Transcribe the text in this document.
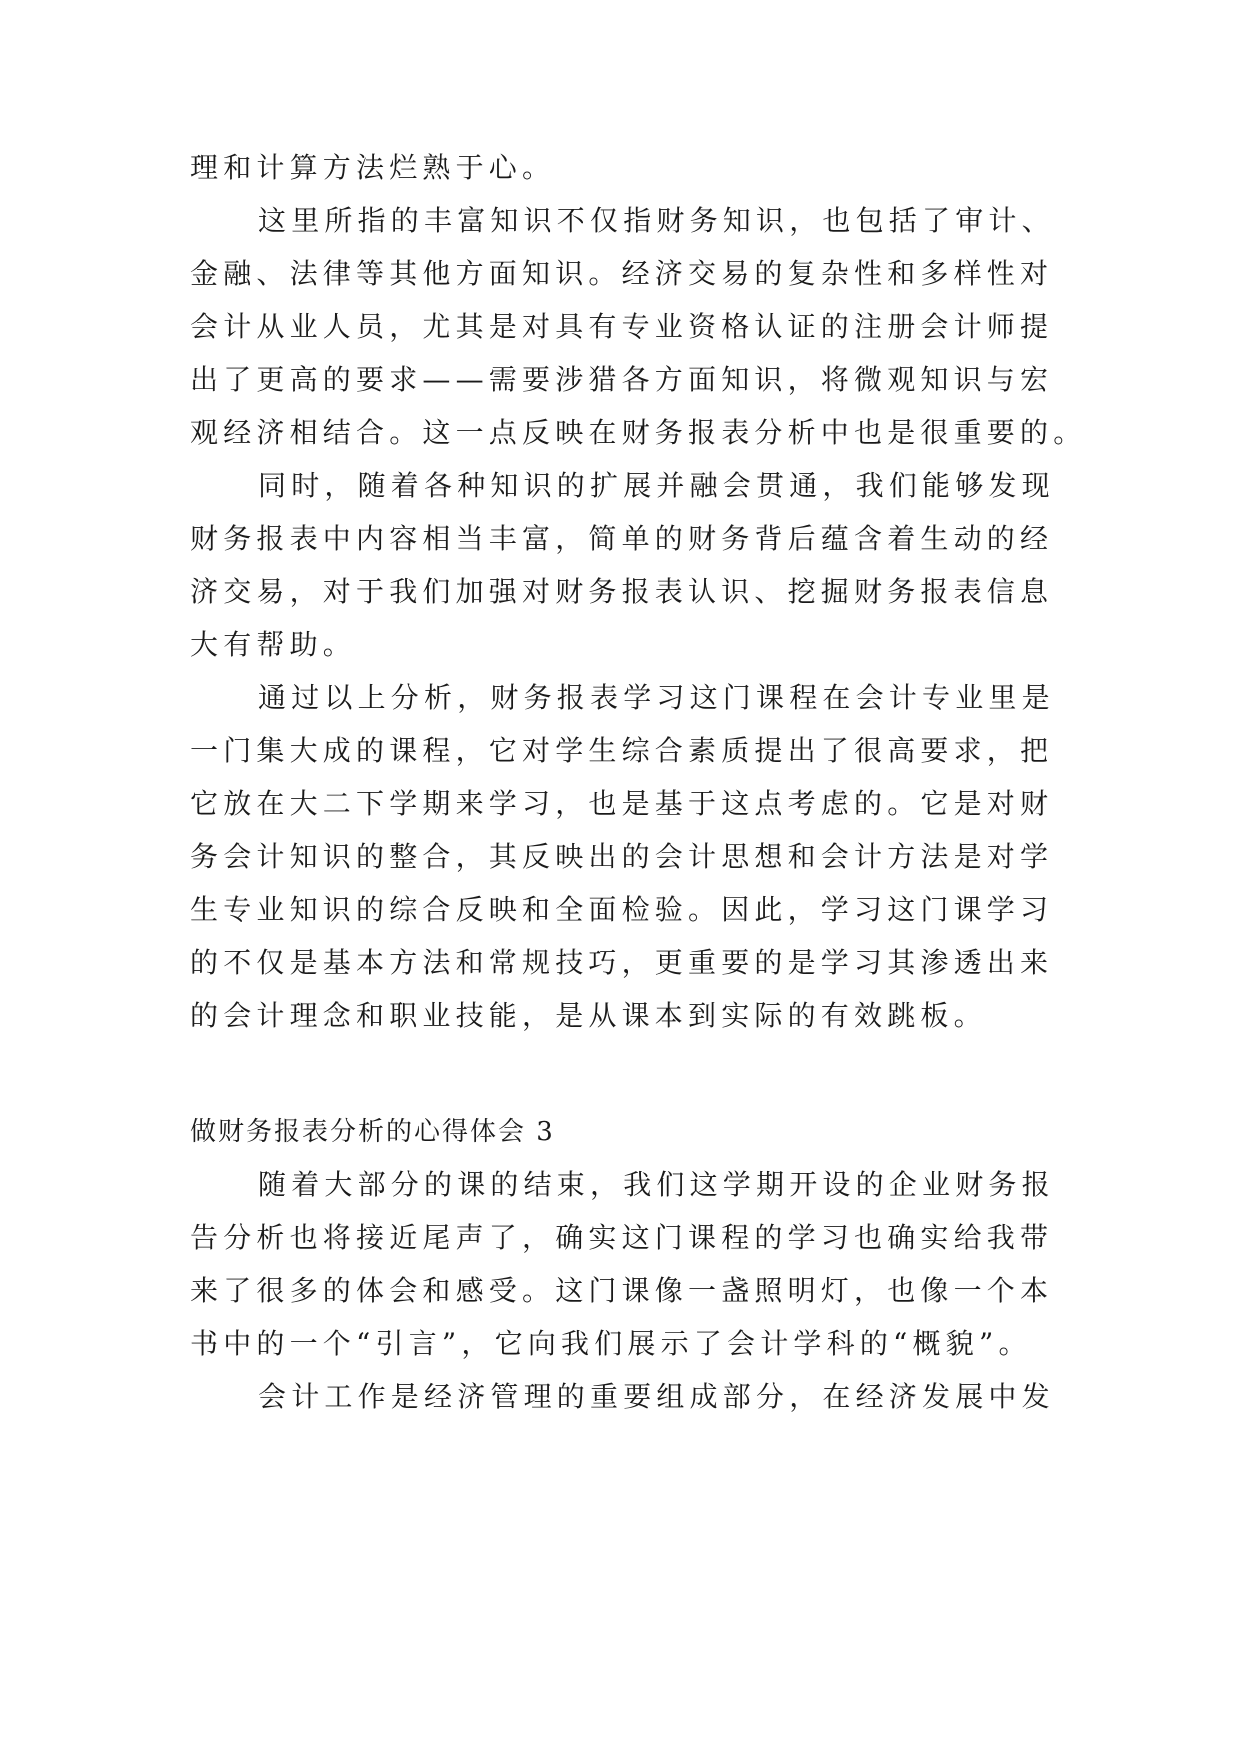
理和计算方法烂熟于心。
这里所指的丰富知识不仅指财务知识，也包括了审计、
金融、法律等其他方面知识。经济交易的复杂性和多样性对
会计从业人员，尤其是对具有专业资格认证的注册会计师提
出了更高的要求——需要涉猎各方面知识，将微观知识与宏
观经济相结合。这一点反映在财务报表分析中也是很重要的。
同时，随着各种知识的扩展并融会贯通，我们能够发现
财务报表中内容相当丰富，简单的财务背后蕴含着生动的经
济交易，对于我们加强对财务报表认识、挖掘财务报表信息
大有帮助。
通过以上分析，财务报表学习这门课程在会计专业里是
一门集大成的课程，它对学生综合素质提出了很高要求，把
它放在大二下学期来学习，也是基于这点考虑的。它是对财
务会计知识的整合，其反映出的会计思想和会计方法是对学
生专业知识的综合反映和全面检验。因此，学习这门课学习
的不仅是基本方法和常规技巧，更重要的是学习其渗透出来
的会计理念和职业技能，是从课本到实际的有效跳板。
做财务报表分析的心得体会 3
随着大部分的课的结束，我们这学期开设的企业财务报
告分析也将接近尾声了，确实这门课程的学习也确实给我带
来了很多的体会和感受。这门课像一盏照明灯，也像一个本
书中的一个“引言”，它向我们展示了会计学科的“概貌”。
会计工作是经济管理的重要组成部分，在经济发展中发
